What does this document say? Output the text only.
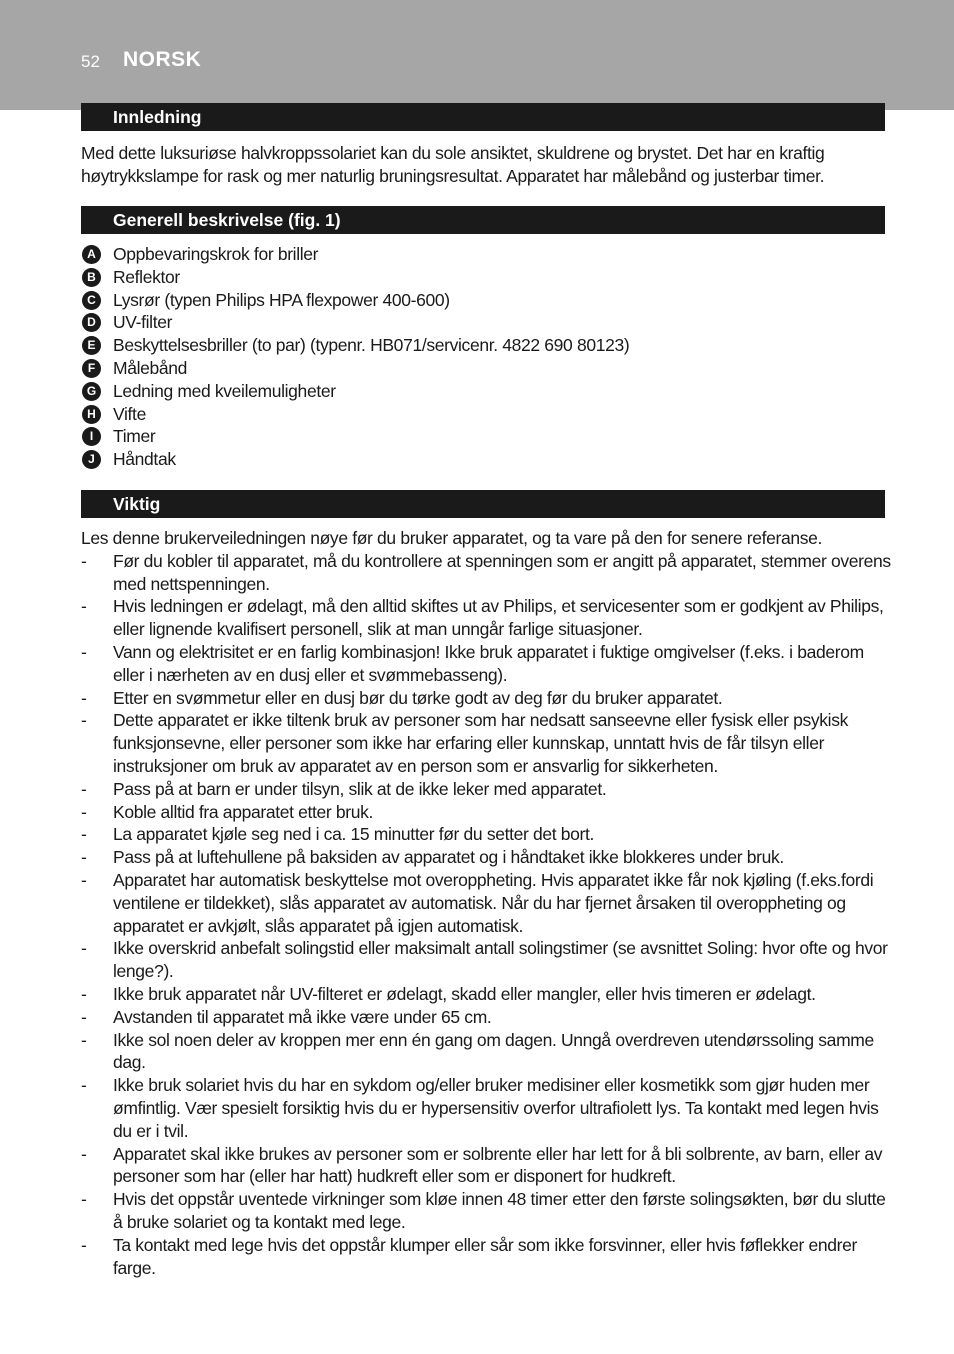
52 NORSK
Innledning

Med dette luksuriøse halvkroppssolariet kan du sole ansiktet, skuldrene og brystet. Det har en kraftig høytrykkslampe for rask og mer naturlig bruningsresultat. Apparatet har målebånd og justerbar timer.

Generell beskrivelse (fig. 1)
A Oppbevaringskrok for briller
B Reflektor
C Lysrør (typen Philips HPA flexpower 400-600)
D UV-filter
E	Beskyttelsesbriller (to par) (typenr. HB071/servicenr. 4822 690 80123)
F	Målebånd
G Ledning med kveilemuligheter
H Vifte
I	Timer
J	Håndtak
Viktig

Les denne brukerveiledningen nøye før du bruker apparatet, og ta vare på den for senere referanse.

- Før du kobler til apparatet, må du kontrollere at spenningen som er angitt på apparatet, stemmer overens med nettspenningen.
- Hvis ledningen er ødelagt, må den alltid skiftes ut av Philips, et servicesenter som er godkjent av Philips, eller lignende kvalifisert personell, slik at man unngår farlige situasjoner.
- Vann og elektrisitet er en farlig kombinasjon! Ikke bruk apparatet i fuktige omgivelser (f.eks. i baderom eller i nærheten av en dusj eller et svømmebasseng).
- Etter en svømmetur eller en dusj bør du tørke godt av deg før du bruker apparatet.
- Dette apparatet er ikke tiltenk bruk av personer som har nedsatt sanseevne eller fysisk eller psykisk funksjonsevne, eller personer som ikke har erfaring eller kunnskap, unntatt hvis de får tilsyn eller instruksjoner om bruk av apparatet av en person som er ansvarlig for sikkerheten.
- Pass på at barn er under tilsyn, slik at de ikke leker med apparatet.
- Koble alltid fra apparatet etter bruk.
- La apparatet kjøle seg ned i ca. 15 minutter før du setter det bort.
- Pass på at luftehullene på baksiden av apparatet og i håndtaket ikke blokkeres under bruk.
- Apparatet har automatisk beskyttelse mot overoppheting. Hvis apparatet ikke får nok kjøling (f.eks.fordi ventilene er tildekket), slås apparatet av automatisk. Når du har fjernet årsaken til overoppheting og apparatet er avkjølt, slås apparatet på igjen automatisk.
- Ikke overskrid anbefalt solingstid eller maksimalt antall solingstimer (se avsnittet Soling: hvor ofte og hvor lenge?).
- Ikke bruk apparatet når UV-filteret er ødelagt, skadd eller mangler, eller hvis timeren er ødelagt.
- Avstanden til apparatet må ikke være under 65 cm.
- Ikke sol noen deler av kroppen mer enn én gang om dagen. Unngå overdreven utendørssoling samme dag.
- Ikke bruk solariet hvis du har en sykdom og/eller bruker medisiner eller kosmetikk som gjør huden mer ømfintlig. Vær spesielt forsiktig hvis du er hypersensitiv overfor ultrafiolett lys. Ta kontakt med legen hvis du er i tvil.
- Apparatet skal ikke brukes av personer som er solbrente eller har lett for å bli solbrente, av barn, eller av personer som har (eller har hatt) hudkreft eller som er disponert for hudkreft.
- Hvis det oppstår uventede virkninger som kløe innen 48 timer etter den første solingsøkten, bør du slutte å bruke solariet og ta kontakt med lege.
- Ta kontakt med lege hvis det oppstår klumper eller sår som ikke forsvinner, eller hvis føflekker endrer farge.
